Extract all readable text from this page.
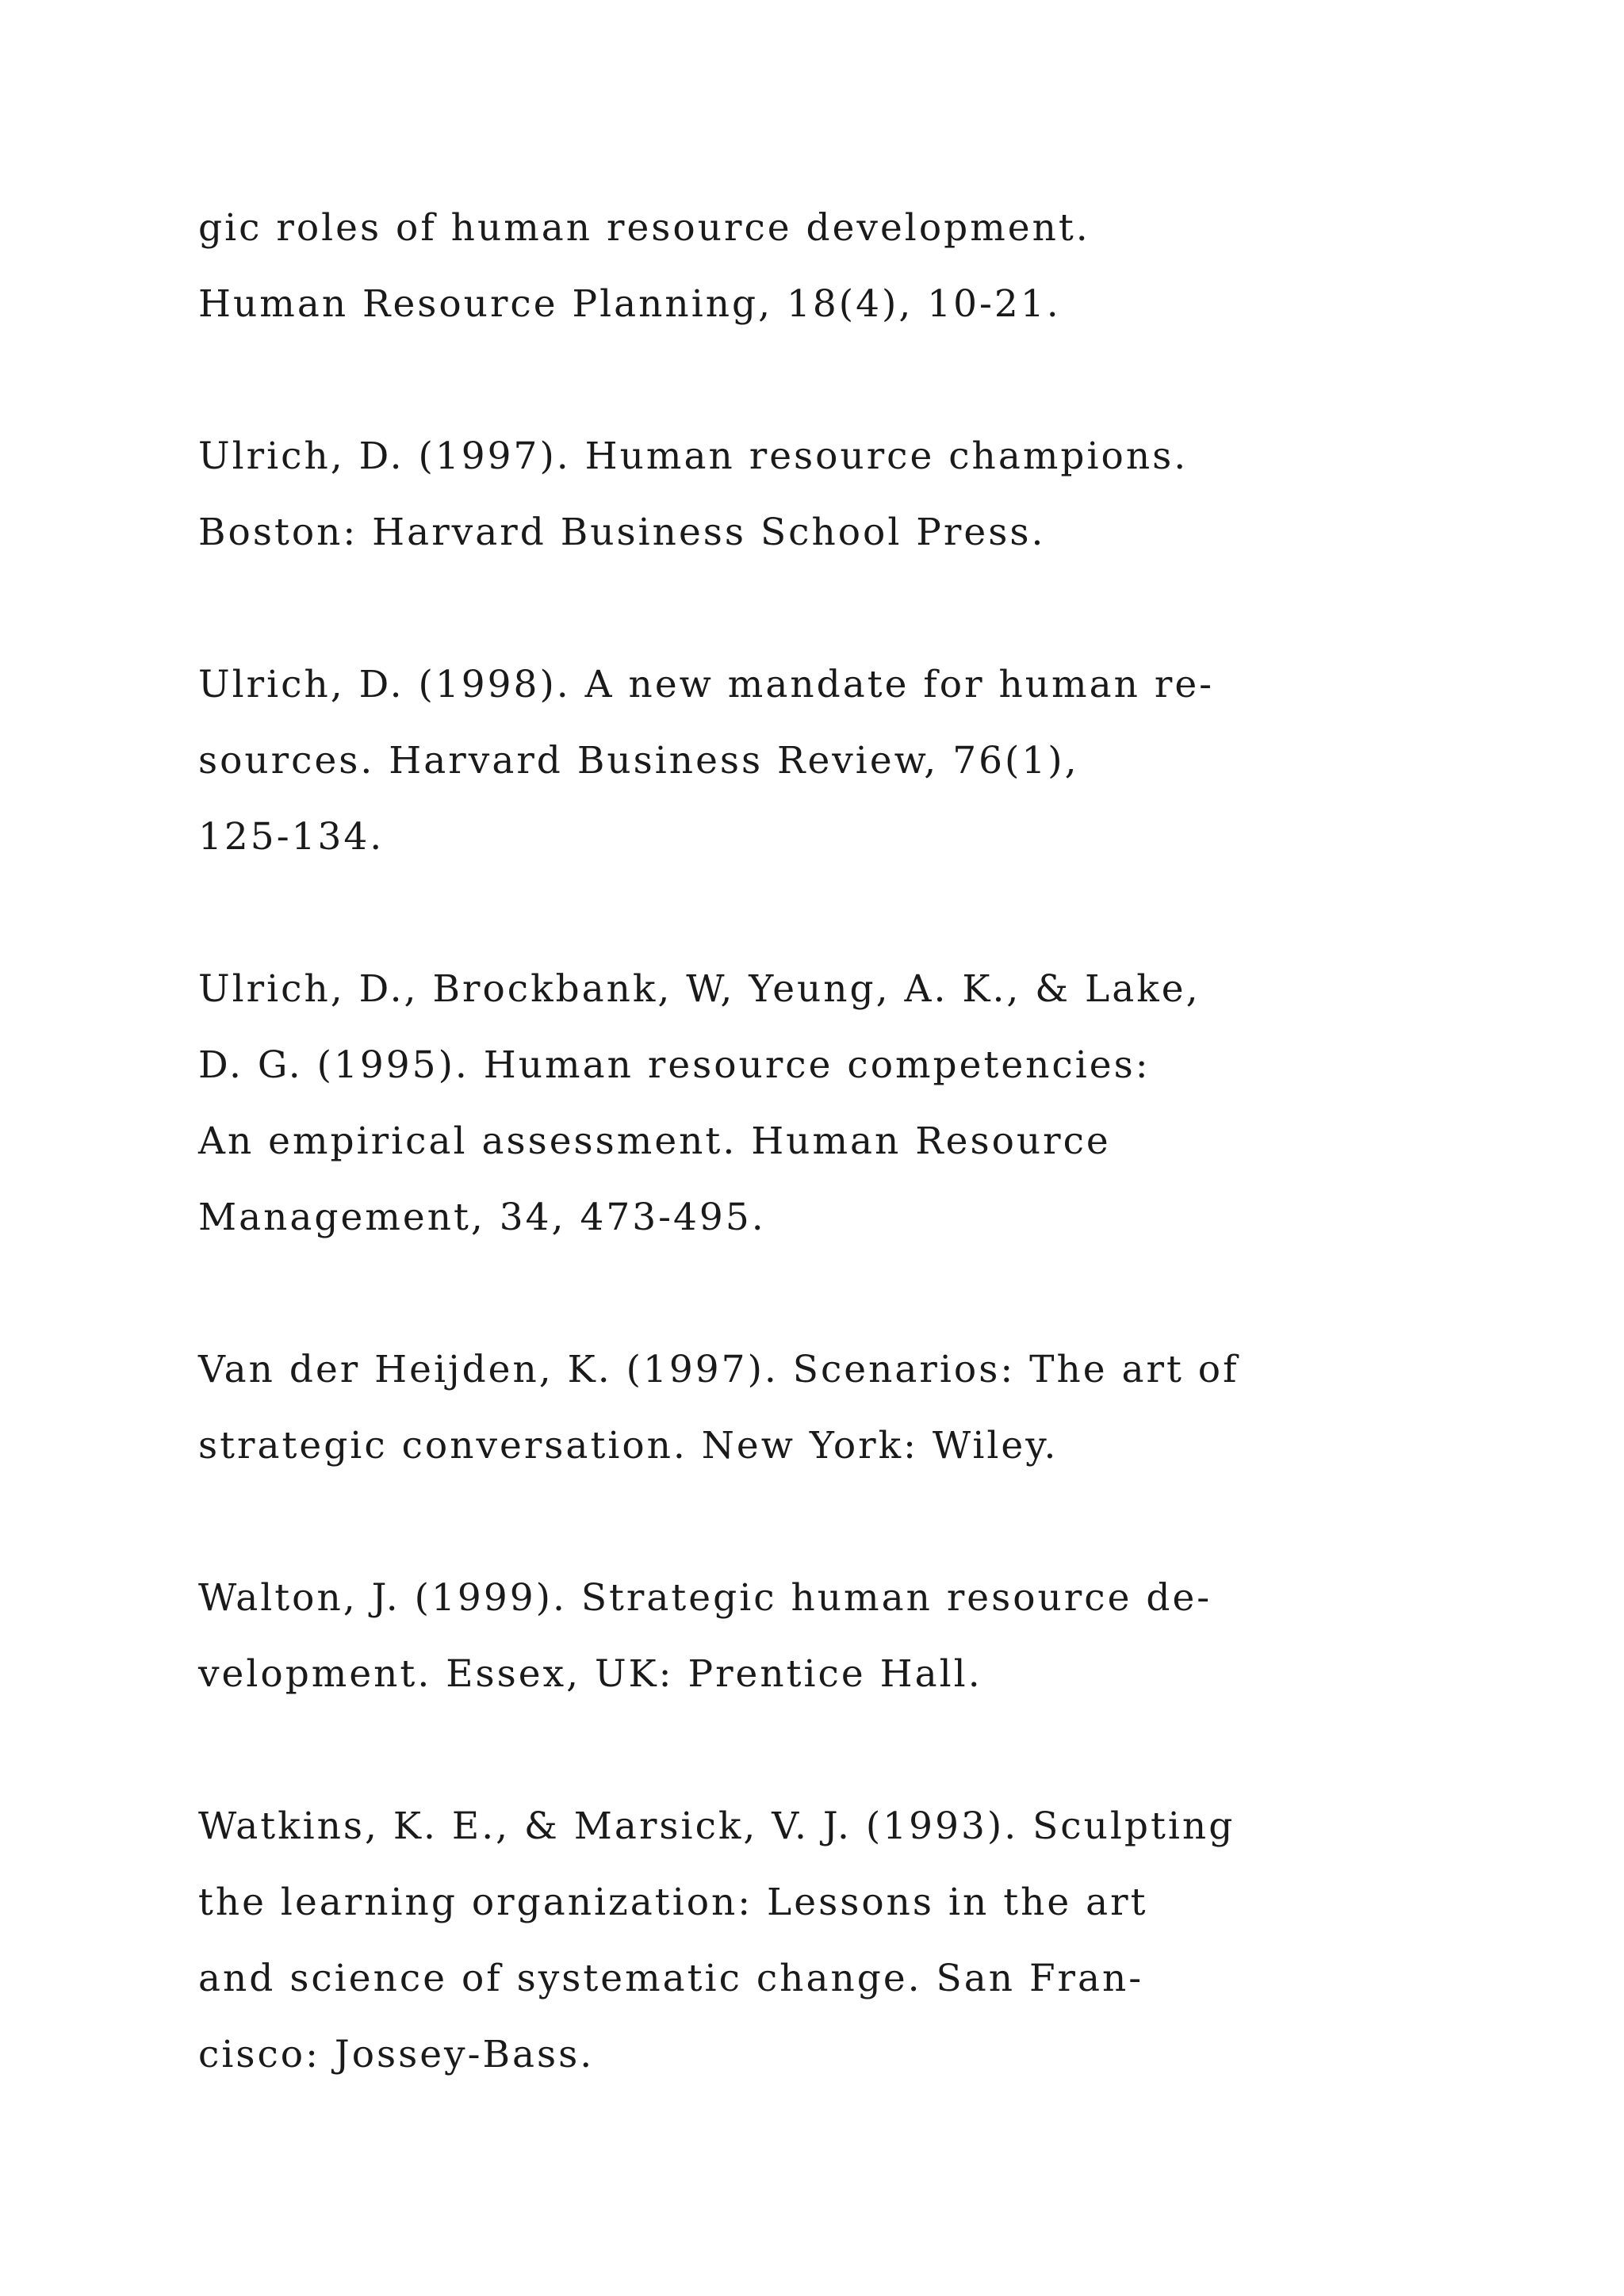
gic roles of human resource development.
Human Resource Planning, 18(4), 10-21.
Ulrich, D. (1997). Human resource champions.
Boston: Harvard Business School Press.
Ulrich, D. (1998). A new mandate for human re-
sources. Harvard Business Review, 76(1),
125-134.
Ulrich, D., Brockbank, W, Yeung, A. K., & Lake,
D. G. (1995). Human resource competencies:
An empirical assessment. Human Resource
Management, 34, 473-495.
Van der Heijden, K. (1997). Scenarios: The art of
strategic conversation. New York: Wiley.
Walton, J. (1999). Strategic human resource de-
velopment. Essex, UK: Prentice Hall.
Watkins, K. E., & Marsick, V. J. (1993). Sculpting
the learning organization: Lessons in the art
and science of systematic change. San Fran-
cisco: Jossey-Bass.
